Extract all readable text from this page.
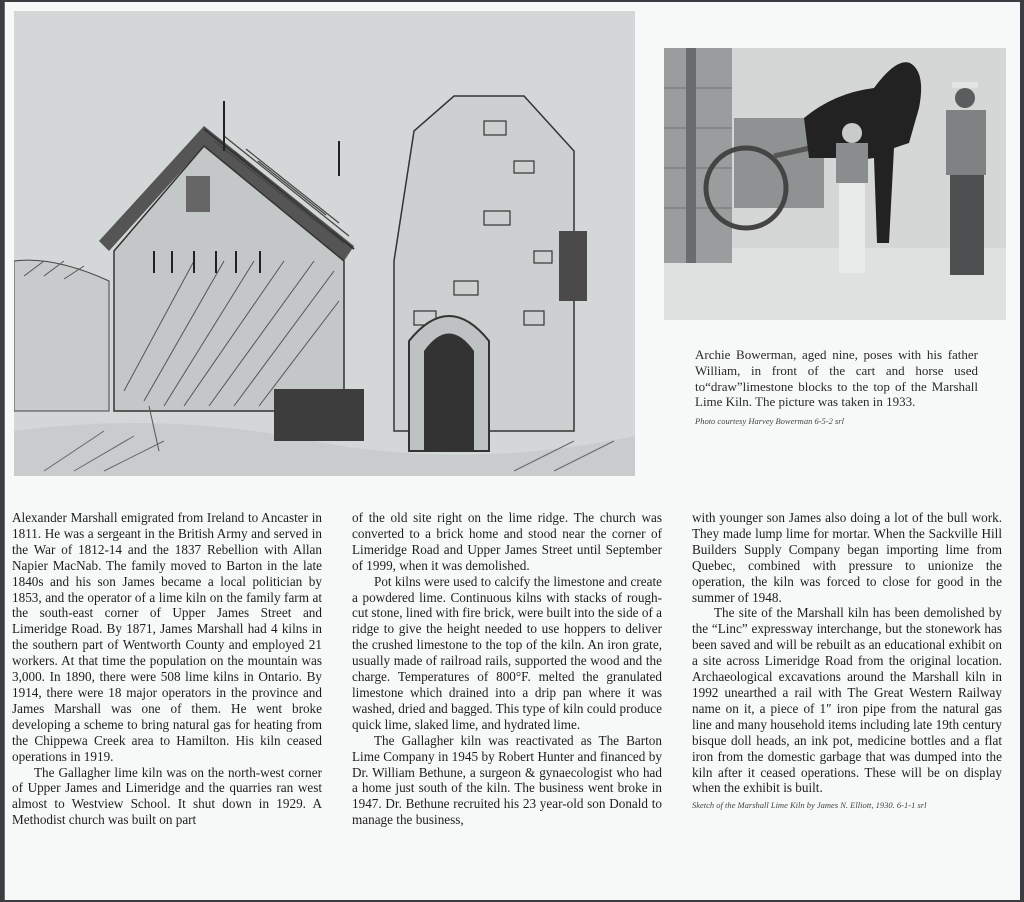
Archie Bowerman, aged nine, poses with his father William, in front of the cart and horse used to“draw”limestone blocks to the top of the Marshall Lime Kiln. The picture was taken in 1933.
Photo courtesy Harvey Bowerman 6-5-2 srl

Alexander Marshall emigrated from Ireland to Ancaster in 1811. He was a sergeant in the British Army and served in the War of 1812-14 and the 1837 Rebellion with Allan Napier MacNab. The family moved to Barton in the late 1840s and his son James became a local politician by 1853, and the operator of a lime kiln on the family farm at the south-east corner of Upper James Street and Limeridge Road. By 1871, James Marshall had 4 kilns in the southern part of Wentworth County and employed 21 workers. At that time the population on the mountain was 3,000. In 1890, there were 508 lime kilns in Ontario. By 1914, there were 18 major operators in the province and James Marshall was one of them. He went broke developing a scheme to bring natural gas for heating from the Chippewa Creek area to Hamilton. His kiln ceased operations in 1919.

The Gallagher lime kiln was on the north-west corner of Upper James and Limeridge and the quarries ran west almost to Westview School. It shut down in 1929. A Methodist church was built on part

of the old site right on the lime ridge. The church was converted to a brick home and stood near the corner of Limeridge Road and Upper James Street until September of 1999, when it was demolished.

Pot kilns were used to calcify the limestone and create a powdered lime. Continuous kilns with stacks of rough-cut stone, lined with fire brick, were built into the side of a ridge to give the height needed to use hoppers to deliver the crushed limestone to the top of the kiln. An iron grate, usually made of railroad rails, supported the wood and the charge. Temperatures of 800°F. melted the granulated limestone which drained into a drip pan where it was washed, dried and bagged. This type of kiln could produce quick lime, slaked lime, and hydrated lime.

The Gallagher kiln was reactivated as The Barton Lime Company in 1945 by Robert Hunter and financed by Dr. William Bethune, a surgeon & gynaecologist who had a home just south of the kiln. The business went broke in 1947. Dr. Bethune recruited his 23 year-old son Donald to manage the business,

with younger son James also doing a lot of the bull work. They made lump lime for mortar. When the Sackville Hill Builders Supply Company began importing lime from Quebec, combined with pressure to unionize the operation, the kiln was forced to close for good in the summer of 1948.

The site of the Marshall kiln has been demolished by the “Linc” expressway interchange, but the stonework has been saved and will be rebuilt as an educational exhibit on a site across Limeridge Road from the original location. Archaeological excavations around the Marshall kiln in 1992 unearthed a rail with The Great Western Railway name on it, a piece of 1″ iron pipe from the natural gas line and many household items including late 19th century bisque doll heads, an ink pot, medicine bottles and a flat iron from the domestic garbage that was dumped into the kiln after it ceased operations. These will be on display when the exhibit is built.

Sketch of the Marshall Lime Kiln by James N. Elliott, 1930. 6-1-1 srl
